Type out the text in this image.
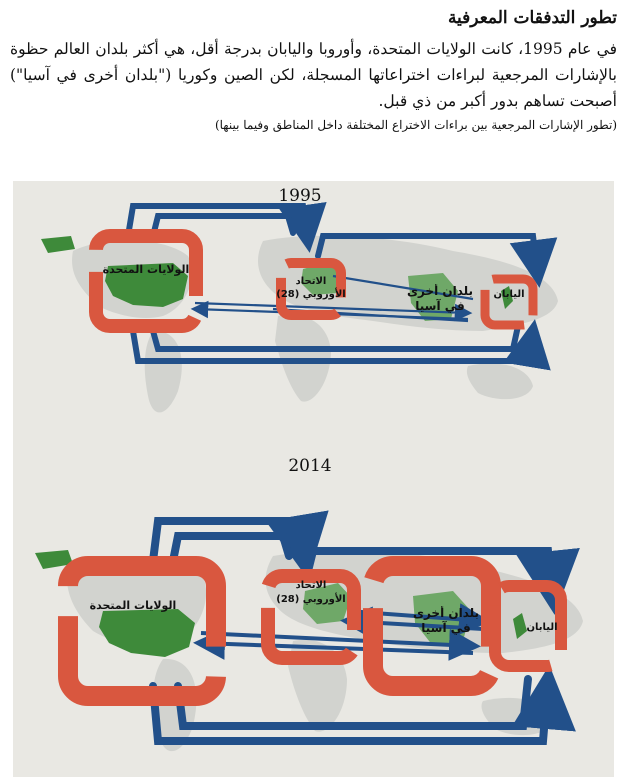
تطور التدفقات المعرفية

في عام 1995، كانت الولايات المتحدة، وأوروبا واليابان بدرجة أقل، هي أكثر بلدان العالم حظوة بالإشارات المرجعية لبراءات اختراعاتها المسجلة، لكن الصين وكوريا ("بلدان أخرى في آسيا") أصبحت تساهم بدور أكبر من ذي قبل.

(تطور الإشارات المرجعية بين براءات الاختراع المختلفة داخل المناطق وفيما بينها)

1995
الولايات المتحدة
الاتحاد الأوروبي (28)	بلدان أخرى في آسيا
اليابان
2014
الولايات المتحدة
الاتحاد الأوروبي (28)
بلدان أخرى في آسيا	اليابان
